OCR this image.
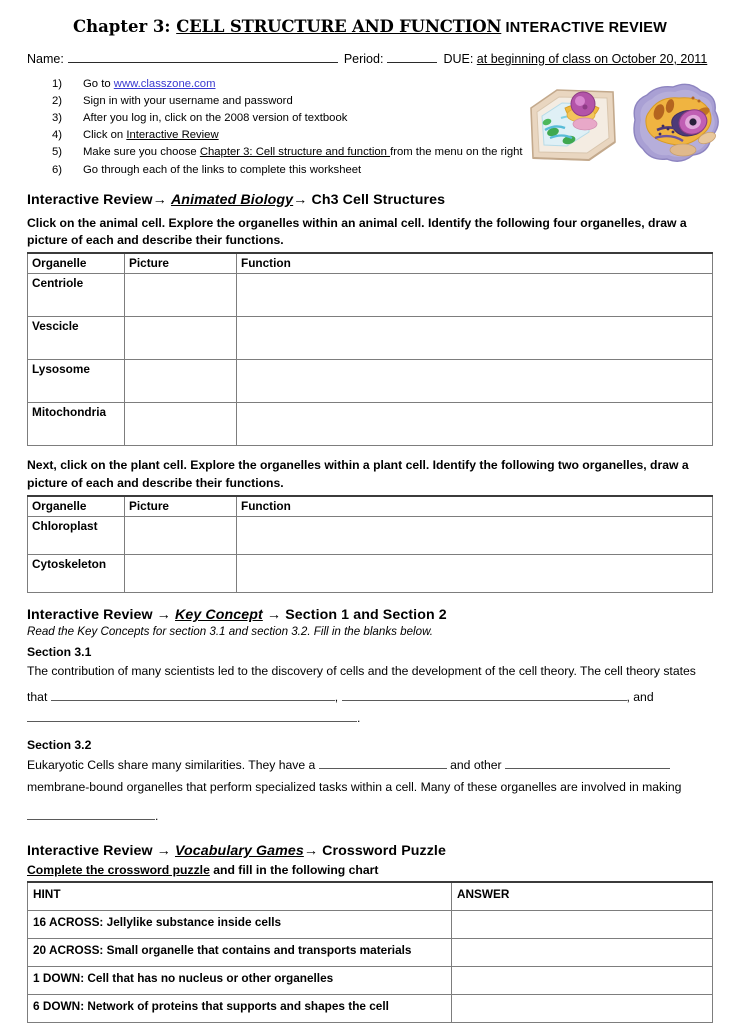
Chapter 3: CELL STRUCTURE AND FUNCTION INTERACTIVE REVIEW
Name:	Period:	DUE: at beginning of class on October 20, 2011
1)	Go to www.classzone.com
2)	Sign in with your username and password
3)	After you log in, click on the 2008 version of textbook
4)	Click on Interactive Review
5)	Make sure you choose Chapter 3: Cell structure and function from the menu on the right
6)	Go through each of the links to complete this worksheet
Interactive Review→ Animated Biology→ Ch3 Cell Structures

Click on the animal cell. Explore the organelles within an animal cell. Identify the following four organelles, draw a picture of each and describe their functions.

Organelle	Picture	Function
Centriole		
Vescicle		
Lysosome		
Mitochondria		

Next, click on the plant cell. Explore the organelles within a plant cell. Identify the following two organelles, draw a picture of each and describe their functions.

Organelle	Picture	Function
Chloroplast		
Cytoskeleton		
Interactive Review → Key Concept → Section 1 and Section 2

Read the Key Concepts for section 3.1 and section 3.2. Fill in the blanks below.

Section 3.1

The contribution of many scientists led to the discovery of cells and the development of the cell theory. The cell theory states

that	,	, and

.

Section 3.2

Eukaryotic Cells share many similarities. They have a	and other

membrane-bound organelles that perform specialized tasks within a cell. Many of these organelles are involved in making

.

Interactive Review → Vocabulary Games→ Crossword Puzzle

Complete the crossword puzzle and fill in the following chart

HINT	ANSWER
16 ACROSS: Jellylike substance inside cells	
20 ACROSS: Small organelle that contains and transports materials	
1 DOWN: Cell that has no nucleus or other organelles	
6 DOWN: Network of proteins that supports and shapes the cell	
